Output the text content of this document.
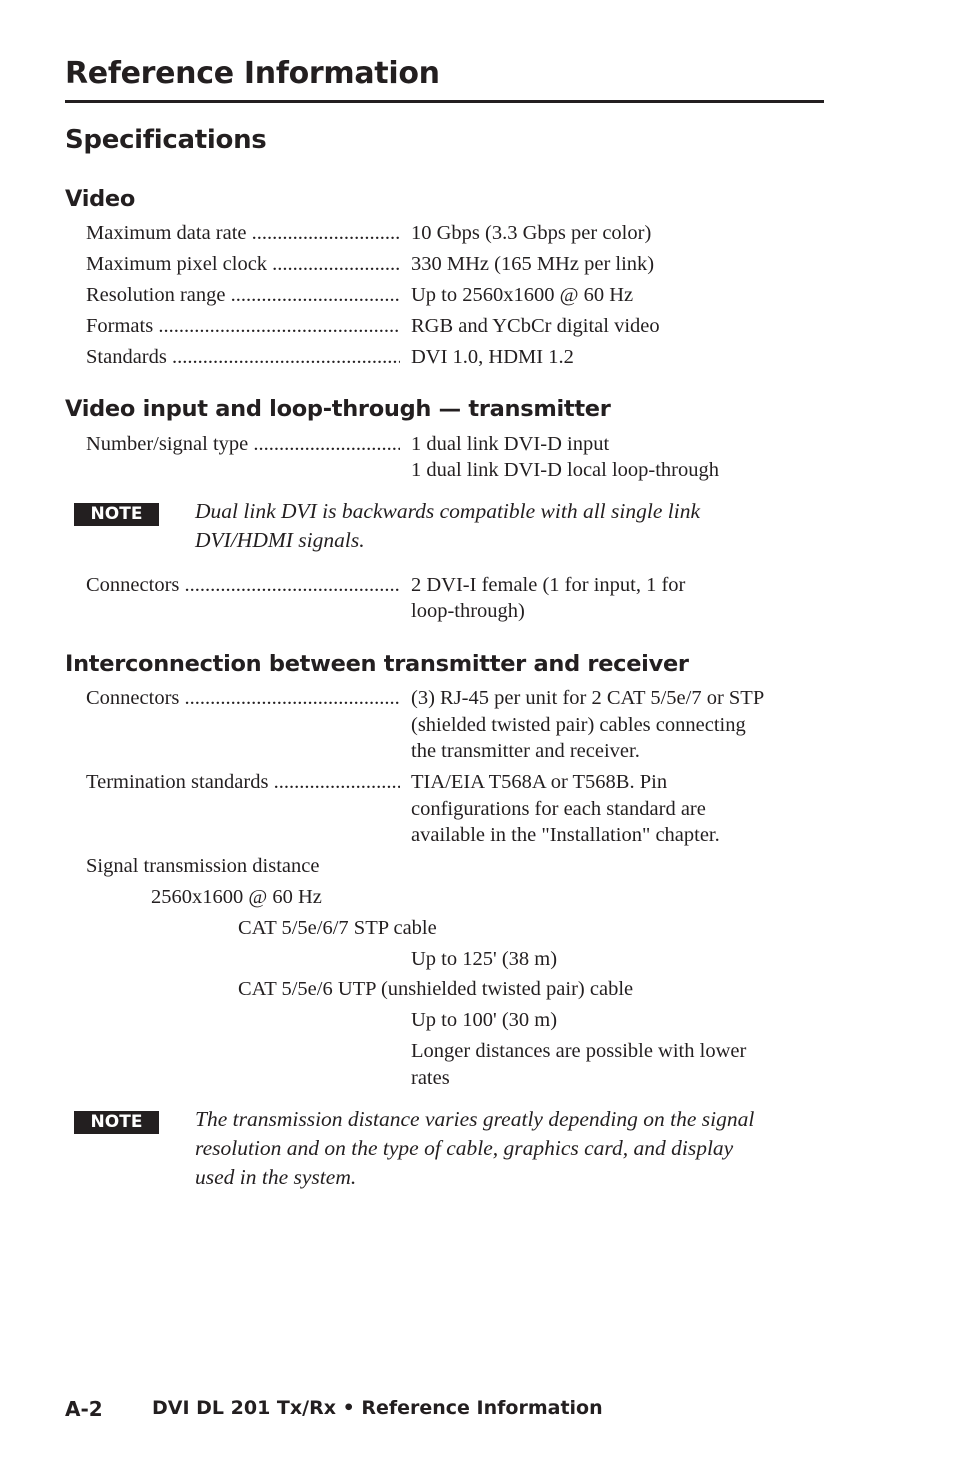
Reference Information
Specifications
Video
Maximum data rate .....	10 Gbps (3.3 Gbps per color)
Maximum pixel clock .....	330 MHz (165 MHz per link)
Resolution range .....	Up to 2560x1600 @ 60 Hz
Formats .....	RGB and YCbCr digital video
Standards .....	DVI 1.0, HDMI 1.2
Video input and loop-through — transmitter
Number/signal type .....	1 dual link DVI-D input
1 dual link DVI-D local loop-through
NOTE	Dual link DVI is backwards compatible with all single link
DVI/HDMI signals.
Connectors .....	2 DVI-I female (1 for input, 1 for
loop-through)
Interconnection between transmitter and receiver
Connectors .....	(3) RJ-45 per unit for 2 CAT 5/5e/7 or STP
(shielded twisted pair) cables connecting
the transmitter and receiver.
Termination standards .....	TIA/EIA T568A or T568B. Pin
configurations for each standard are
available in the "Installation" chapter.
Signal transmission distance
2560x1600 @ 60 Hz
CAT 5/5e/6/7 STP cable
Up to 125' (38 m)
CAT 5/5e/6 UTP (unshielded twisted pair) cable
Up to 100' (30 m)
Longer distances are possible with lower
rates
NOTE	The transmission distance varies greatly depending on the signal
resolution and on the type of cable, graphics card, and display
used in the system.
A-2	DVI DL 201 Tx/Rx • Reference Information
